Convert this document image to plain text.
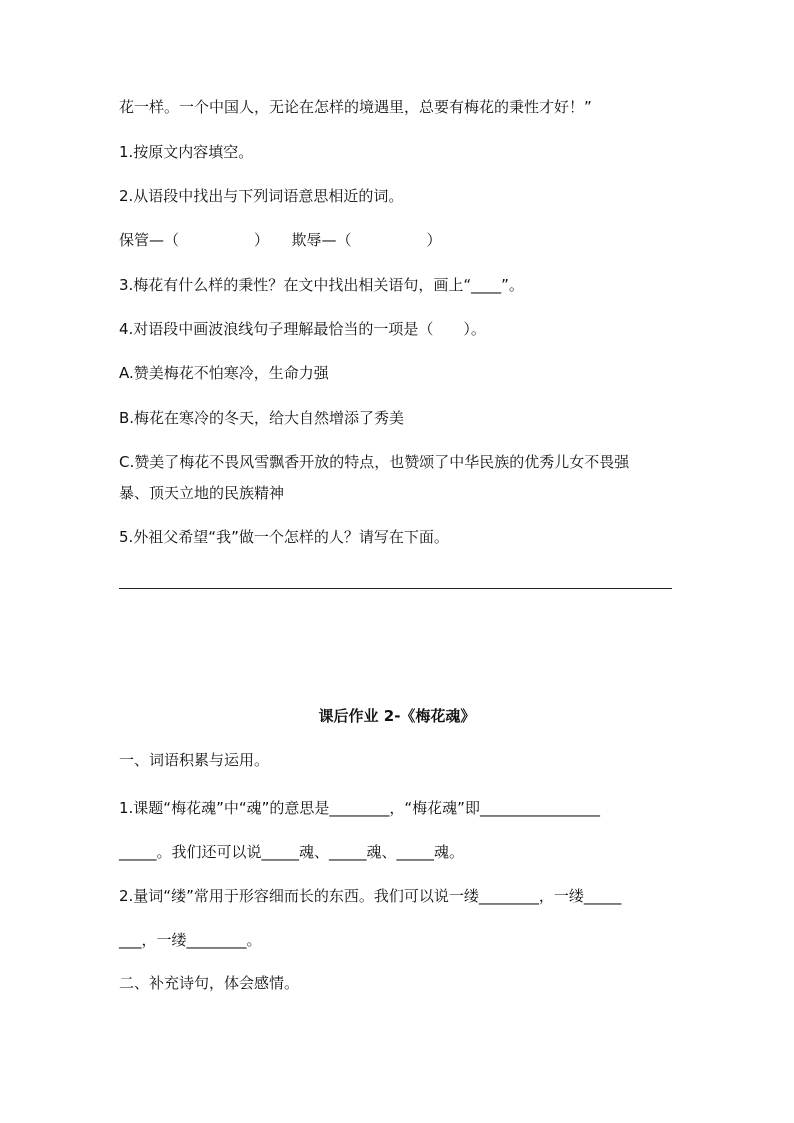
花一样。一个中国人，无论在怎样的境遇里，总要有梅花的秉性才好！”
1.按原文内容填空。
2.从语段中找出与下列词语意思相近的词。
保管—（　　　　　）　　欺辱—（　　　　　）
3.梅花有什么样的秉性？在文中找出相关语句，画上“____”。
4.对语段中画波浪线句子理解最恰当的一项是（　　）。
A.赞美梅花不怕寒冷，生命力强
B.梅花在寒冷的冬天，给大自然增添了秀美
C.赞美了梅花不畏风雪飘香开放的特点，也赞颂了中华民族的优秀儿女不畏强
暴、顶天立地的民族精神
5.外祖父希望“我”做一个怎样的人？请写在下面。
课后作业 2-《梅花魂》
一、词语积累与运用。
1.课题“梅花魂”中“魂”的意思是________，“梅花魂”即________________
_____。我们还可以说_____魂、_____魂、_____魂。
2.量词“缕”常用于形容细而长的东西。我们可以说一缕________，一缕_____
___，一缕________。
二、补充诗句，体会感情。
